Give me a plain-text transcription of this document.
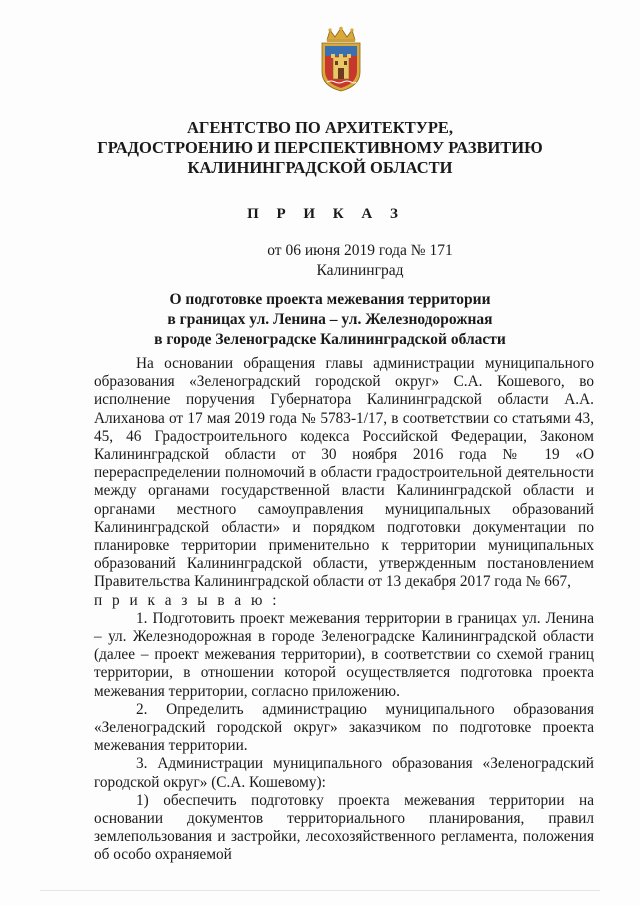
АГЕНТСТВО ПО АРХИТЕКТУРЕ,
ГРАДОСТРОЕНИЮ И ПЕРСПЕКТИВНОМУ РАЗВИТИЮ
КАЛИНИНГРАДСКОЙ ОБЛАСТИ
П Р И К А З
от 06 июня 2019 года № 171
Калининград
О подготовке проекта межевания территории
в границах ул. Ленина – ул. Железнодорожная
в городе Зеленоградске Калининградской области

На основании обращения главы администрации муниципального образования «Зеленоградский городской округ» С.А. Кошевого, во исполнение поручения Губернатора Калининградской области А.А. Алиханова от 17 мая 2019 года № 5783-1/17, в соответствии со статьями 43, 45, 46 Градостроительного кодекса Российской Федерации, Законом Калининградской области от 30 ноября 2016 года № 19 «О перераспределении полномочий в области градостроительной деятельности между органами государственной власти Калининградской области и органами местного самоуправления муниципальных образований Калининградской области» и порядком подготовки документации по планировке территории применительно к территории муниципальных образований Калининградской области, утвержденным постановлением Правительства Калининградской области от 13 декабря 2017 года № 667,

п р и к а з ы в а ю :

1. Подготовить проект межевания территории в границах ул. Ленина – ул. Железнодорожная в городе Зеленоградске Калининградской области (далее – проект межевания территории), в соответствии со схемой границ территории, в отношении которой осуществляется подготовка проекта межевания территории, согласно приложению.

2. Определить администрацию муниципального образования «Зеленоградский городской округ» заказчиком по подготовке проекта межевания территории.

3. Администрации муниципального образования «Зеленоградский городской округ» (С.А. Кошевому):

1) обеспечить подготовку проекта межевания территории на основании документов территориального планирования, правил землепользования и застройки, лесохозяйственного регламента, положения об особо охраняемой
